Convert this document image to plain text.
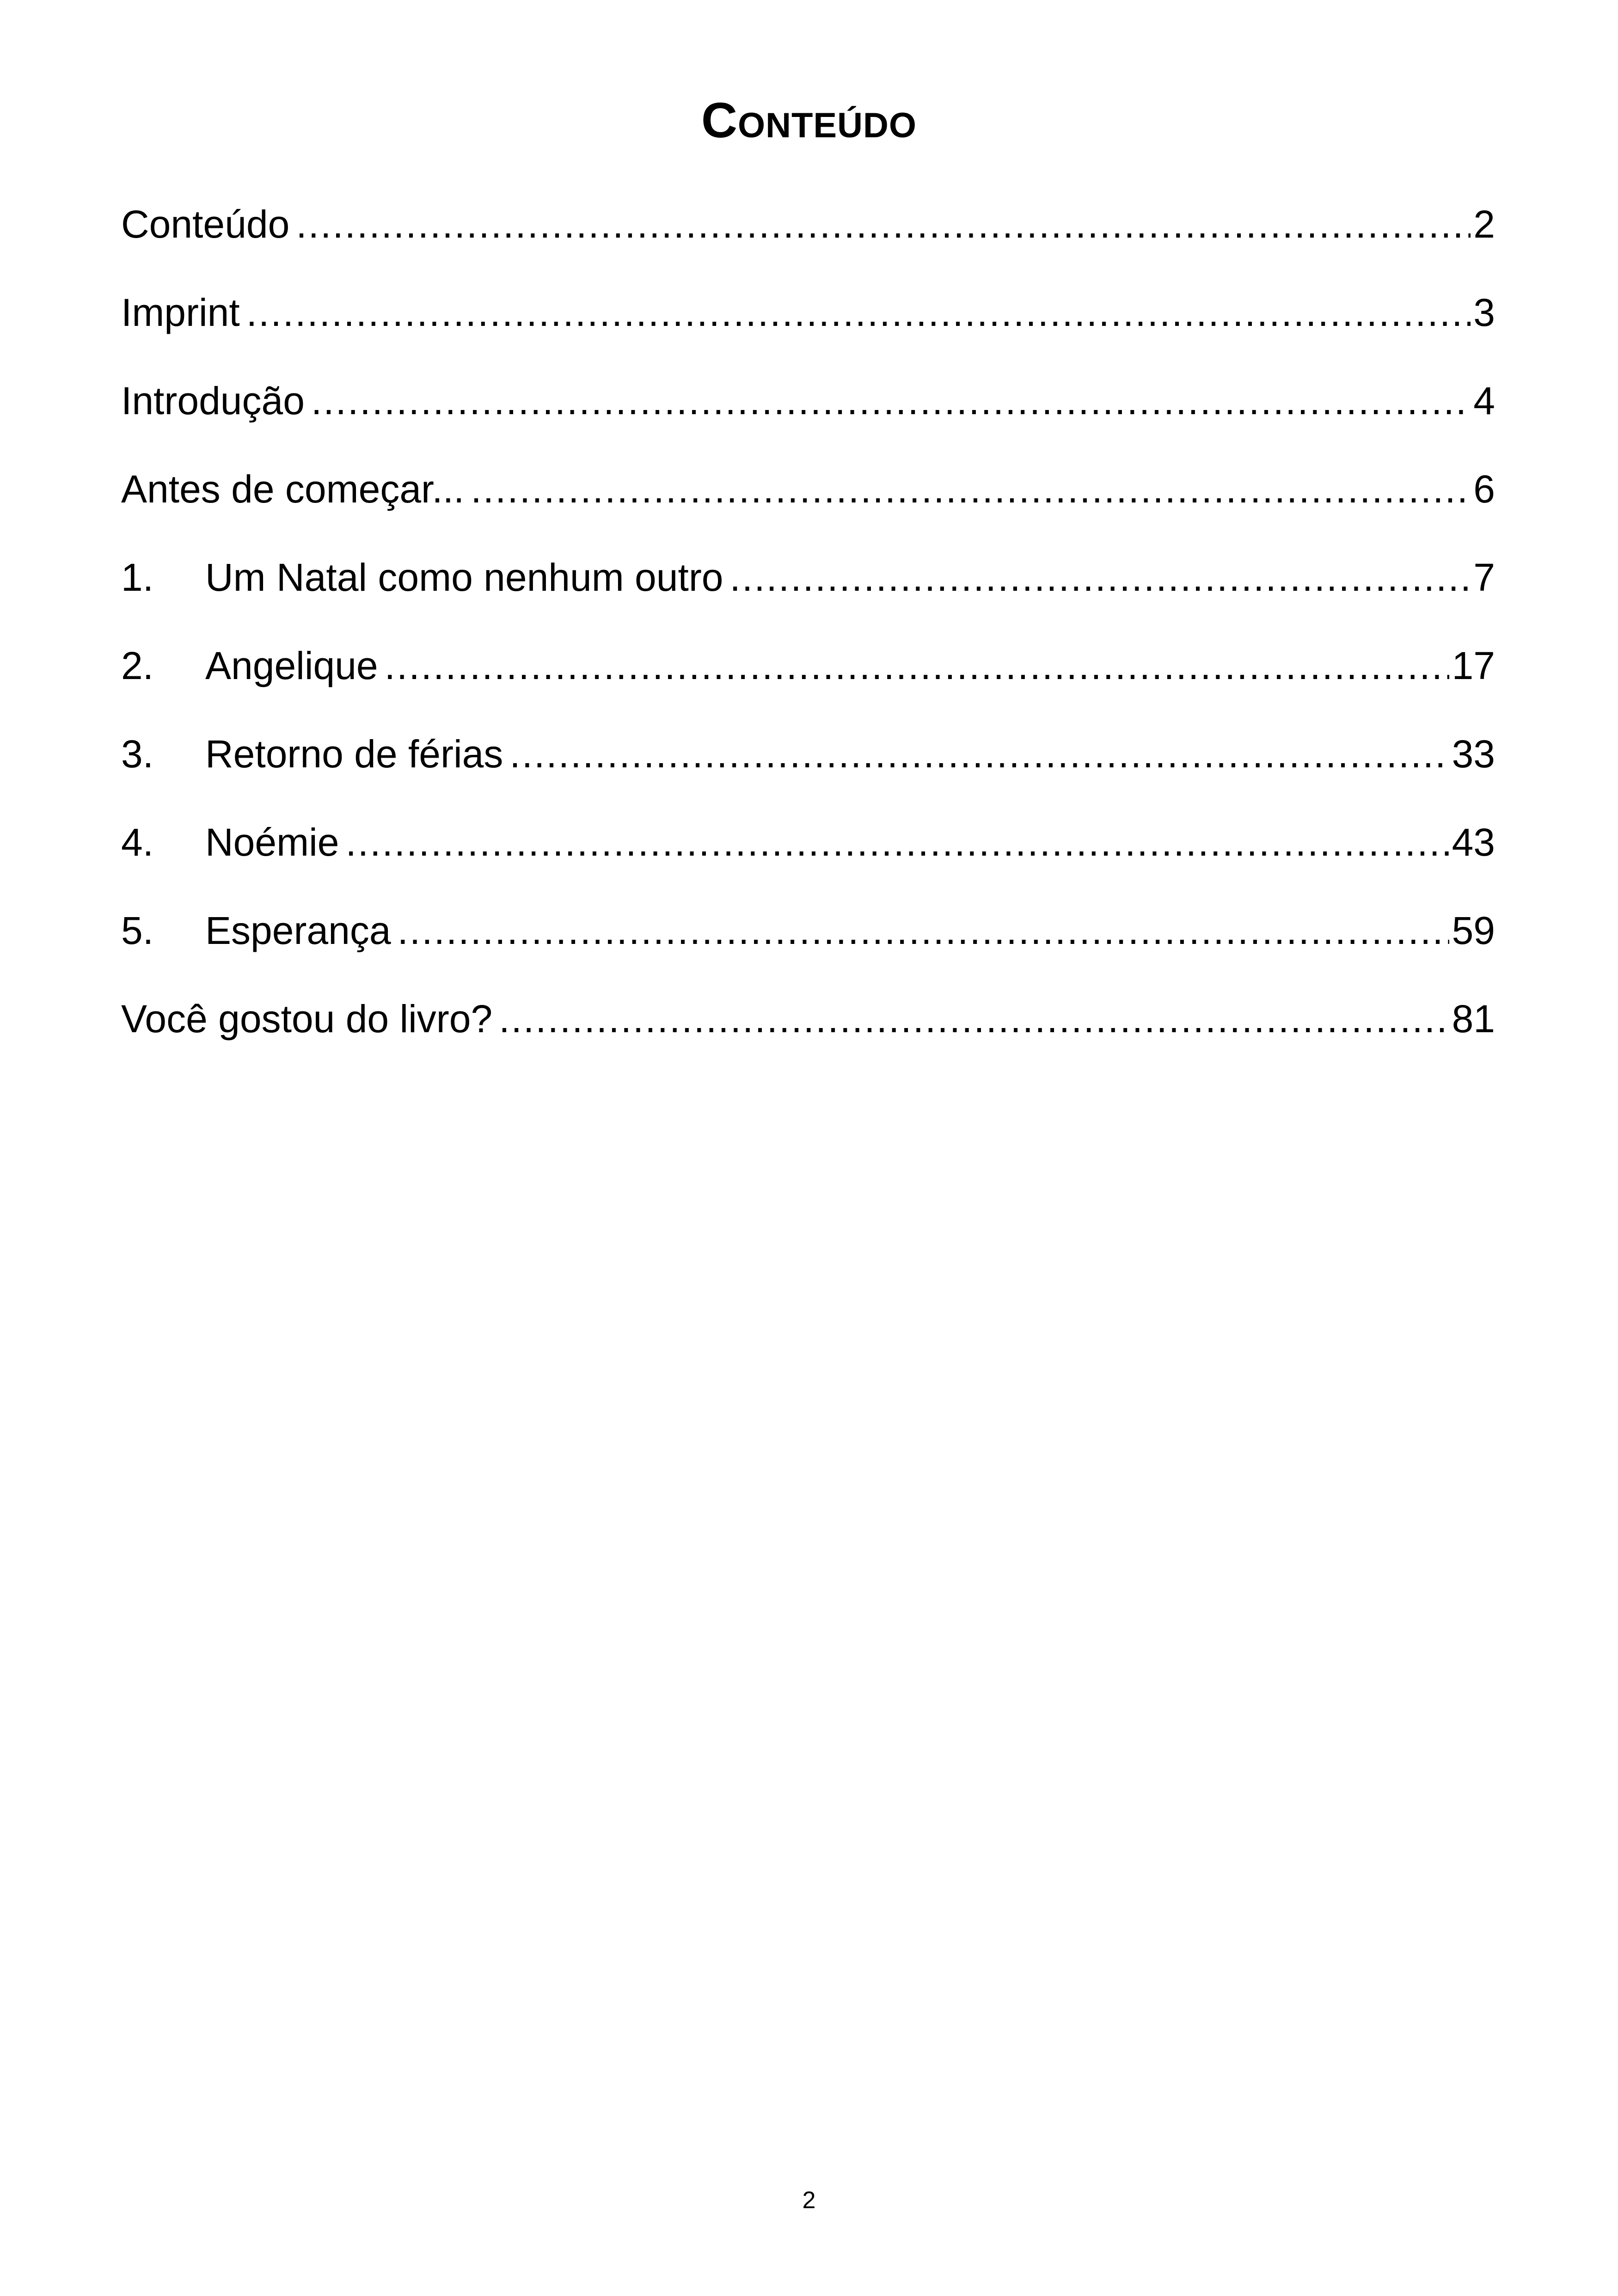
Conteúdo
Conteúdo .....	2
Imprint .....	3
Introdução .....	4
Antes de começar... .....	6
1.	Um Natal como nenhum outro .....	7
2.	Angelique .....	17
3.	Retorno de férias .....	33
4.	Noémie .....	43
5.	Esperança .....	59
Você gostou do livro? .....	81
2
